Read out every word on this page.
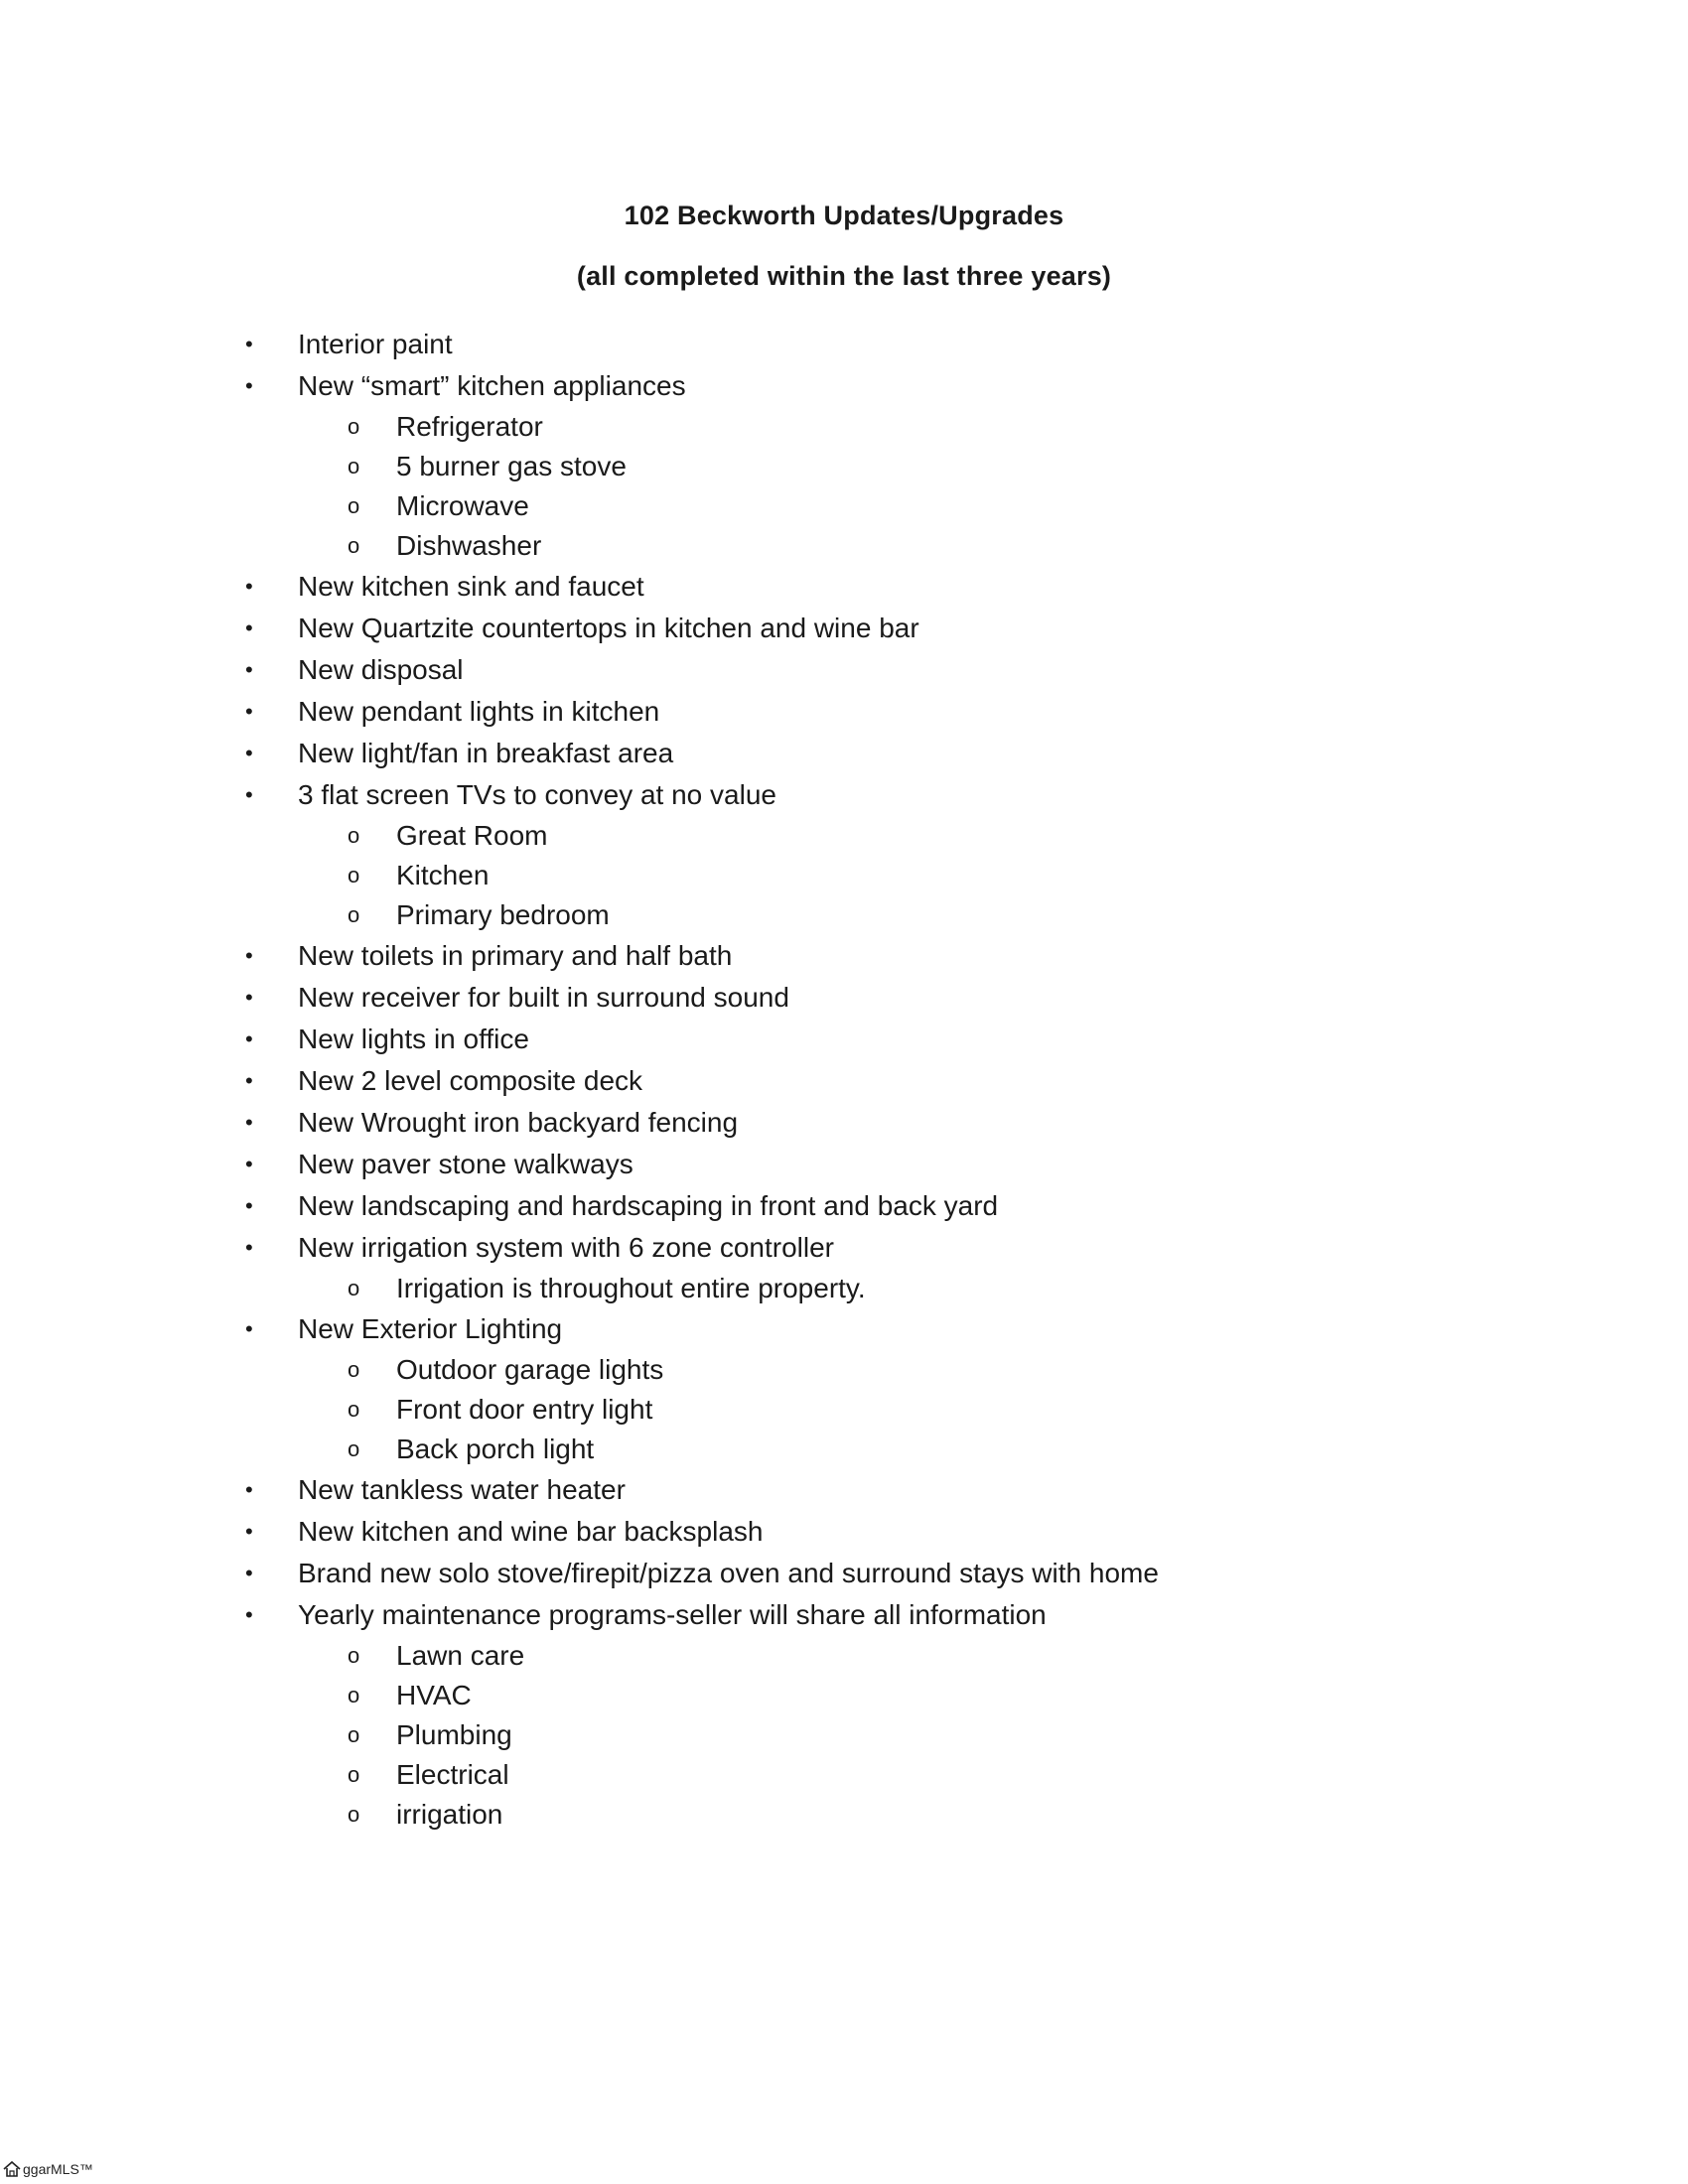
102 Beckworth Updates/Upgrades
(all completed within the last three years)
• Interior paint
• New “smart” kitchen appliances
o Refrigerator
o 5 burner gas stove
o Microwave
o Dishwasher
• New kitchen sink and faucet
• New Quartzite countertops in kitchen and wine bar
• New disposal
• New pendant lights in kitchen
• New light/fan in breakfast area
• 3 flat screen TVs to convey at no value
o Great Room
o Kitchen
o Primary bedroom
• New toilets in primary and half bath
• New receiver for built in surround sound
• New lights in office
• New 2 level composite deck
• New Wrought iron backyard fencing
• New paver stone walkways
• New landscaping and hardscaping in front and back yard
• New irrigation system with 6 zone controller
o Irrigation is throughout entire property.
• New Exterior Lighting
o Outdoor garage lights
o Front door entry light
o Back porch light
• New tankless water heater
• New kitchen and wine bar backsplash
• Brand new solo stove/firepit/pizza oven and surround stays with home
• Yearly maintenance programs-seller will share all information
o Lawn care
o HVAC
o Plumbing
o Electrical
o irrigation
ggarMLS™
